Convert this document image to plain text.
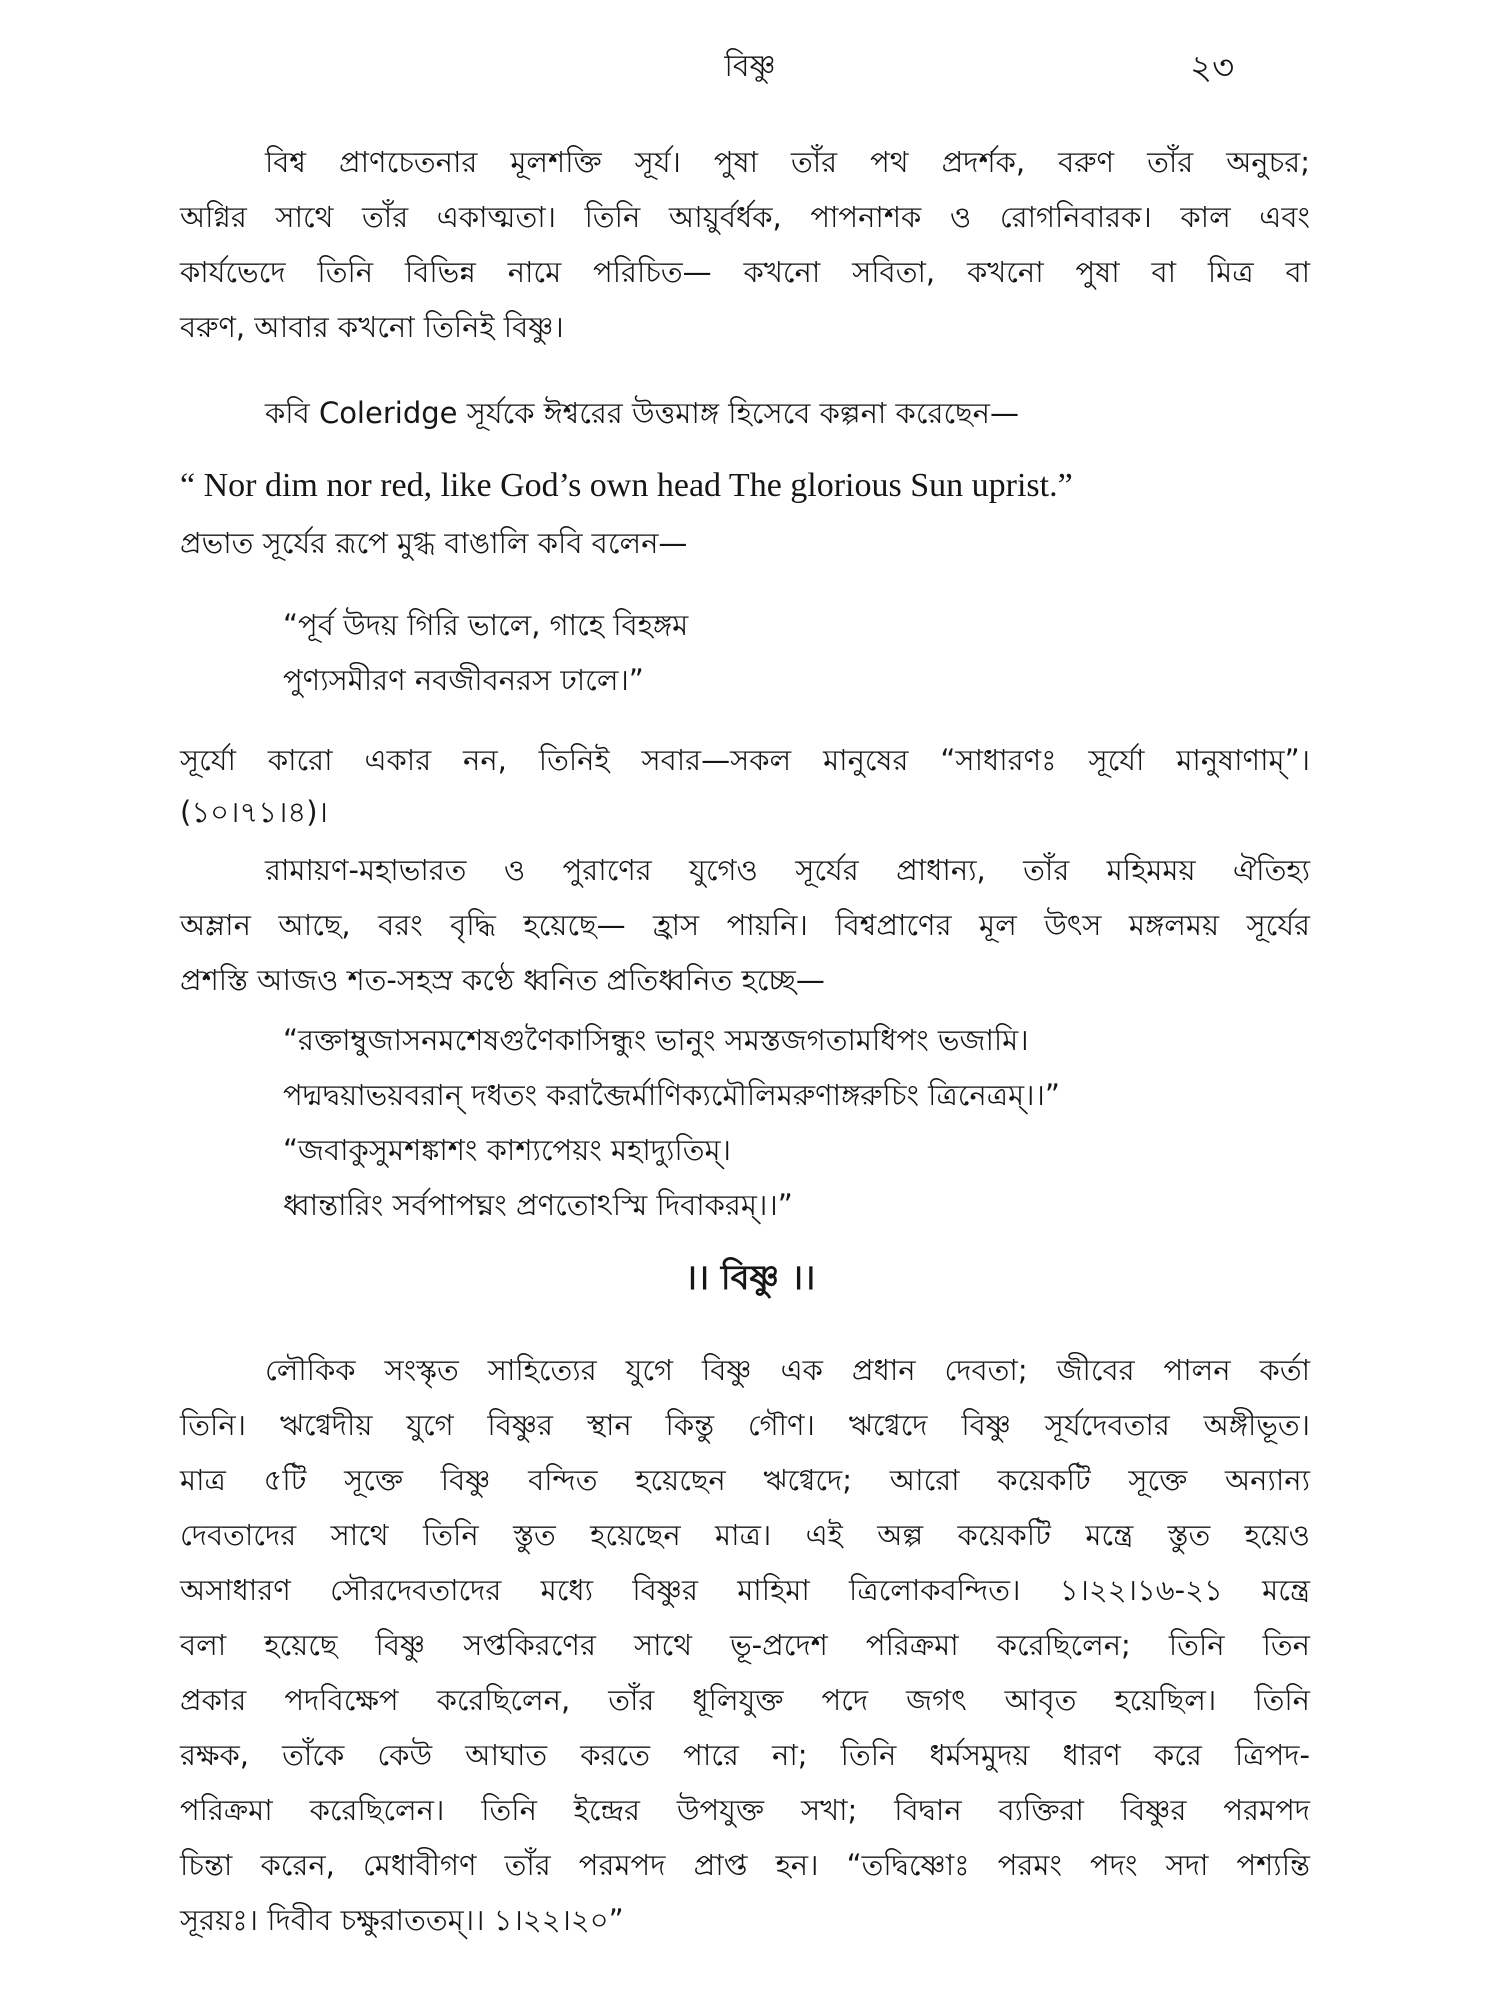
বিষ্ণু	২৩
বিশ্ব প্রাণচেতনার মূলশক্তি সূর্য। পুষা তাঁর পথ প্রদর্শক, বরুণ তাঁর অনুচর;
অগ্নির সাথে তাঁর একাত্মতা। তিনি আয়ুর্বর্ধক, পাপনাশক ও রোগনিবারক। কাল এবং
কার্যভেদে তিনি বিভিন্ন নামে পরিচিত— কখনো সবিতা, কখনো পুষা বা মিত্র বা
বরুণ, আবার কখনো তিনিই বিষ্ণু।
কবি Coleridge সূর্যকে ঈশ্বরের উত্তমাঙ্গ হিসেবে কল্পনা করেছেন—
“ Nor dim nor red, like God’s own head The glorious Sun uprist.”
প্রভাত সূর্যের রূপে মুগ্ধ বাঙালি কবি বলেন—
“পূর্ব উদয় গিরি ভালে, গাহে বিহঙ্গম
পুণ্যসমীরণ নবজীবনরস ঢালে।”
সূর্যো কারো একার নন, তিনিই সবার—সকল মানুষের “সাধারণঃ সূর্যো মানুষাণাম্”।
(১০।৭১।৪)।
রামায়ণ-মহাভারত ও পুরাণের যুগেও সূর্যের প্রাধান্য, তাঁর মহিমময় ঐতিহ্য
অম্লান আছে, বরং বৃদ্ধি হয়েছে— হ্রাস পায়নি। বিশ্বপ্রাণের মূল উৎস মঙ্গলময় সূর্যের
প্রশস্তি আজও শত-সহস্র কণ্ঠে ধ্বনিত প্রতিধ্বনিত হচ্ছে—
“রক্তাম্বুজাসনমশেষগুণৈকাসিন্ধুং ভানুং সমস্তজগতামধিপং ভজামি।
পদ্মদ্বয়াভয়বরান্ দধতং করাব্জৈর্মাণিক্যমৌলিমরুণাঙ্গরুচিং ত্রিনেত্রম্।।”
“জবাকুসুমশঙ্কাশং কাশ্যপেয়ং মহাদ্যুতিম্।
ধ্বান্তারিং সর্বপাপঘ্নং প্রণতোঽস্মি দিবাকরম্।।”
।। বিষ্ণু ।।
লৌকিক সংস্কৃত সাহিত্যের যুগে বিষ্ণু এক প্রধান দেবতা; জীবের পালন কর্তা
তিনি। ঋগ্বেদীয় যুগে বিষ্ণুর স্থান কিন্তু গৌণ। ঋগ্বেদে বিষ্ণু সূর্যদেবতার অঙ্গীভূত।
মাত্র ৫টি সূক্তে বিষ্ণু বন্দিত হয়েছেন ঋগ্বেদে; আরো কয়েকটি সূক্তে অন্যান্য
দেবতাদের সাথে তিনি স্তুত হয়েছেন মাত্র। এই অল্প কয়েকটি মন্ত্রে স্তুত হয়েও
অসাধারণ সৌরদেবতাদের মধ্যে বিষ্ণুর মাহিমা ত্রিলোকবন্দিত। ১।২২।১৬-২১ মন্ত্রে
বলা হয়েছে বিষ্ণু সপ্তকিরণের সাথে ভূ-প্রদেশ পরিক্রমা করেছিলেন; তিনি তিন
প্রকার পদবিক্ষেপ করেছিলেন, তাঁর ধূলিযুক্ত পদে জগৎ আবৃত হয়েছিল। তিনি
রক্ষক, তাঁকে কেউ আঘাত করতে পারে না; তিনি ধর্মসমুদয় ধারণ করে ত্রিপদ-
পরিক্রমা করেছিলেন। তিনি ইন্দ্রের উপযুক্ত সখা; বিদ্বান ব্যক্তিরা বিষ্ণুর পরমপদ
চিন্তা করেন, মেধাবীগণ তাঁর পরমপদ প্রাপ্ত হন। “তদ্বিষ্ণোঃ পরমং পদং সদা পশ্যন্তি
সূরয়ঃ। দিবীব চক্ষুরাততম্।। ১।২২।২০”
